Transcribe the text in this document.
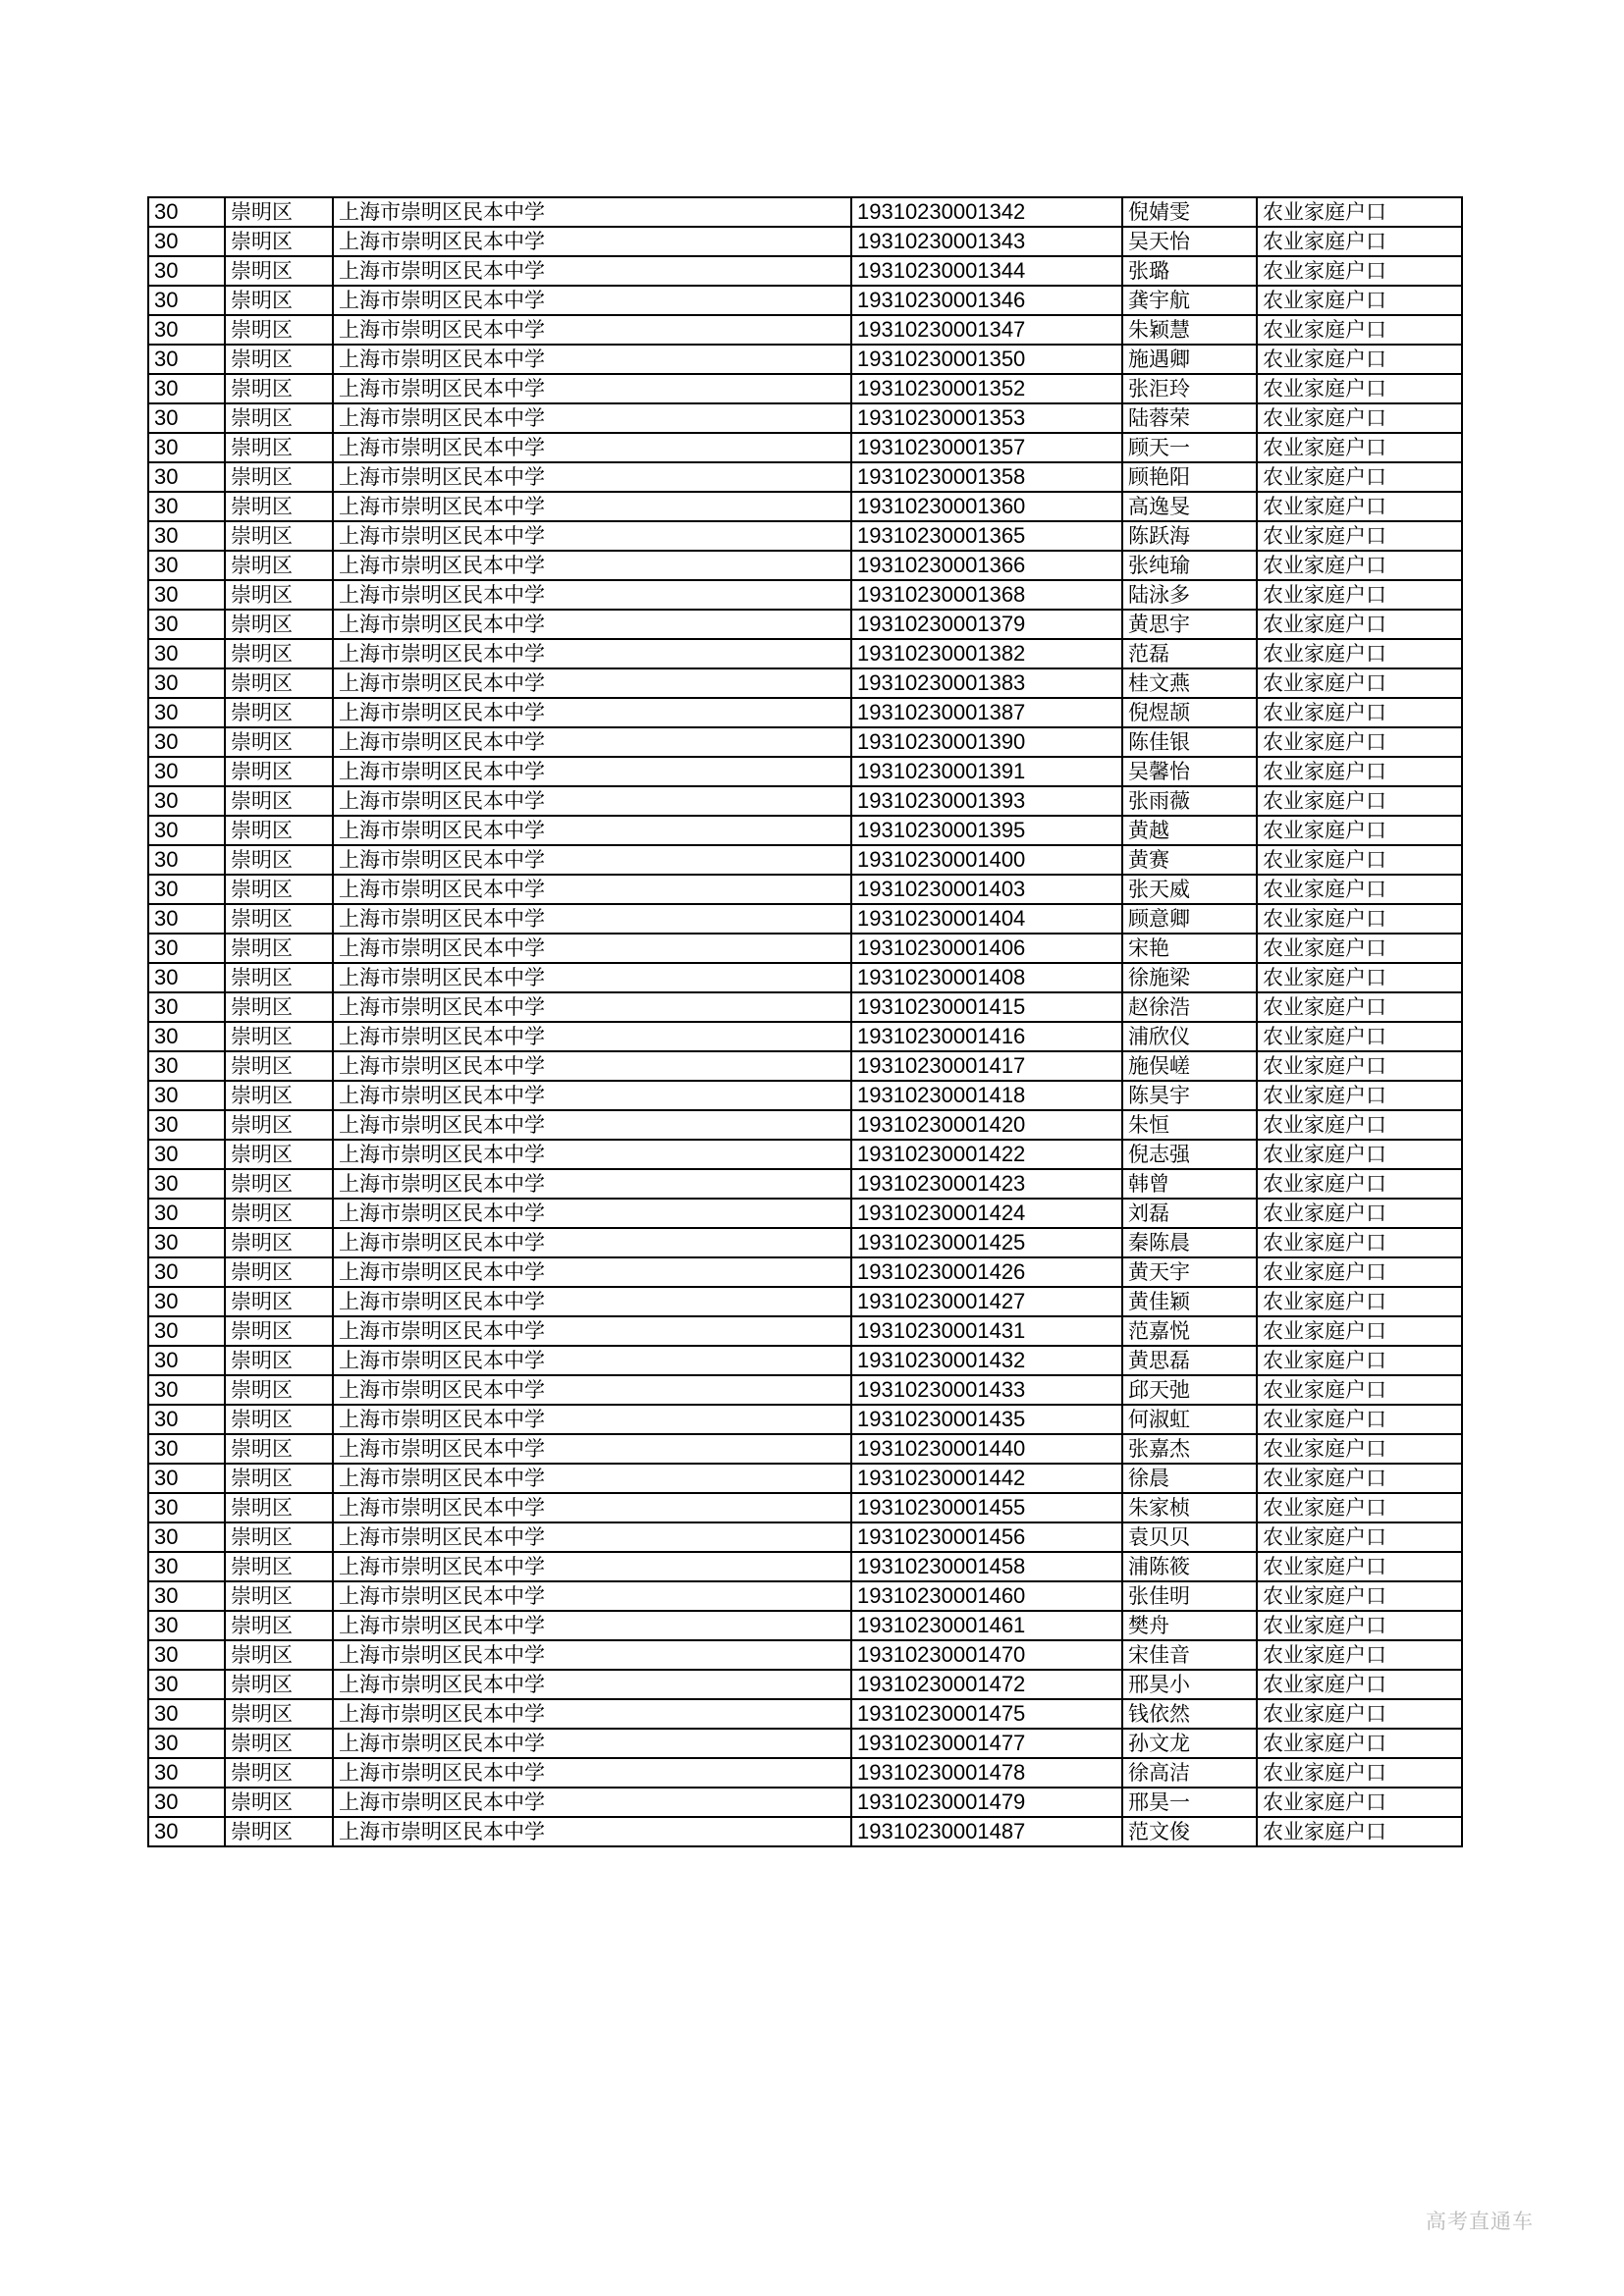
30	崇明区	上海市崇明区民本中学	19310230001342	倪婧雯	农业家庭户口
30	崇明区	上海市崇明区民本中学	19310230001343	吴天怡	农业家庭户口
30	崇明区	上海市崇明区民本中学	19310230001344	张璐	农业家庭户口
30	崇明区	上海市崇明区民本中学	19310230001346	龚宇航	农业家庭户口
30	崇明区	上海市崇明区民本中学	19310230001347	朱颖慧	农业家庭户口
30	崇明区	上海市崇明区民本中学	19310230001350	施遇卿	农业家庭户口
30	崇明区	上海市崇明区民本中学	19310230001352	张洰玲	农业家庭户口
30	崇明区	上海市崇明区民本中学	19310230001353	陆蓉荣	农业家庭户口
30	崇明区	上海市崇明区民本中学	19310230001357	顾天一	农业家庭户口
30	崇明区	上海市崇明区民本中学	19310230001358	顾艳阳	农业家庭户口
30	崇明区	上海市崇明区民本中学	19310230001360	高逸旻	农业家庭户口
30	崇明区	上海市崇明区民本中学	19310230001365	陈跃海	农业家庭户口
30	崇明区	上海市崇明区民本中学	19310230001366	张纯瑜	农业家庭户口
30	崇明区	上海市崇明区民本中学	19310230001368	陆泳多	农业家庭户口
30	崇明区	上海市崇明区民本中学	19310230001379	黄思宇	农业家庭户口
30	崇明区	上海市崇明区民本中学	19310230001382	范磊	农业家庭户口
30	崇明区	上海市崇明区民本中学	19310230001383	桂文燕	农业家庭户口
30	崇明区	上海市崇明区民本中学	19310230001387	倪煜颉	农业家庭户口
30	崇明区	上海市崇明区民本中学	19310230001390	陈佳银	农业家庭户口
30	崇明区	上海市崇明区民本中学	19310230001391	吴馨怡	农业家庭户口
30	崇明区	上海市崇明区民本中学	19310230001393	张雨薇	农业家庭户口
30	崇明区	上海市崇明区民本中学	19310230001395	黄越	农业家庭户口
30	崇明区	上海市崇明区民本中学	19310230001400	黄赛	农业家庭户口
30	崇明区	上海市崇明区民本中学	19310230001403	张天威	农业家庭户口
30	崇明区	上海市崇明区民本中学	19310230001404	顾意卿	农业家庭户口
30	崇明区	上海市崇明区民本中学	19310230001406	宋艳	农业家庭户口
30	崇明区	上海市崇明区民本中学	19310230001408	徐施梁	农业家庭户口
30	崇明区	上海市崇明区民本中学	19310230001415	赵徐浩	农业家庭户口
30	崇明区	上海市崇明区民本中学	19310230001416	浦欣仪	农业家庭户口
30	崇明区	上海市崇明区民本中学	19310230001417	施俣嵯	农业家庭户口
30	崇明区	上海市崇明区民本中学	19310230001418	陈昊宇	农业家庭户口
30	崇明区	上海市崇明区民本中学	19310230001420	朱恒	农业家庭户口
30	崇明区	上海市崇明区民本中学	19310230001422	倪志强	农业家庭户口
30	崇明区	上海市崇明区民本中学	19310230001423	韩曾	农业家庭户口
30	崇明区	上海市崇明区民本中学	19310230001424	刘磊	农业家庭户口
30	崇明区	上海市崇明区民本中学	19310230001425	秦陈晨	农业家庭户口
30	崇明区	上海市崇明区民本中学	19310230001426	黄天宇	农业家庭户口
30	崇明区	上海市崇明区民本中学	19310230001427	黄佳颖	农业家庭户口
30	崇明区	上海市崇明区民本中学	19310230001431	范嘉悦	农业家庭户口
30	崇明区	上海市崇明区民本中学	19310230001432	黄思磊	农业家庭户口
30	崇明区	上海市崇明区民本中学	19310230001433	邱天弛	农业家庭户口
30	崇明区	上海市崇明区民本中学	19310230001435	何淑虹	农业家庭户口
30	崇明区	上海市崇明区民本中学	19310230001440	张嘉杰	农业家庭户口
30	崇明区	上海市崇明区民本中学	19310230001442	徐晨	农业家庭户口
30	崇明区	上海市崇明区民本中学	19310230001455	朱家桢	农业家庭户口
30	崇明区	上海市崇明区民本中学	19310230001456	袁贝贝	农业家庭户口
30	崇明区	上海市崇明区民本中学	19310230001458	浦陈筱	农业家庭户口
30	崇明区	上海市崇明区民本中学	19310230001460	张佳明	农业家庭户口
30	崇明区	上海市崇明区民本中学	19310230001461	樊舟	农业家庭户口
30	崇明区	上海市崇明区民本中学	19310230001470	宋佳音	农业家庭户口
30	崇明区	上海市崇明区民本中学	19310230001472	邢昊小	农业家庭户口
30	崇明区	上海市崇明区民本中学	19310230001475	钱依然	农业家庭户口
30	崇明区	上海市崇明区民本中学	19310230001477	孙文龙	农业家庭户口
30	崇明区	上海市崇明区民本中学	19310230001478	徐高洁	农业家庭户口
30	崇明区	上海市崇明区民本中学	19310230001479	邢昊一	农业家庭户口
30	崇明区	上海市崇明区民本中学	19310230001487	范文俊	农业家庭户口
高考直通车
